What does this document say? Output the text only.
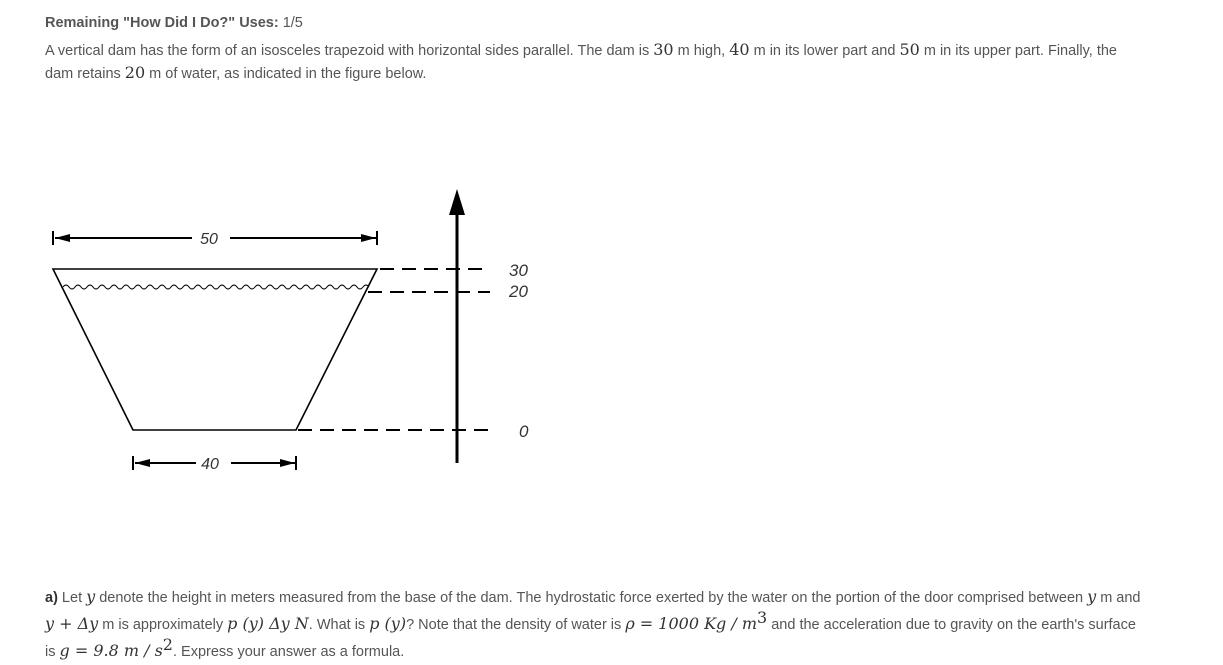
Remaining "How Did I Do?" Uses: 1/5
A vertical dam has the form of an isosceles trapezoid with horizontal sides parallel. The dam is 30 m high, 40 m in its lower part and 50 m in its upper part. Finally, the dam retains 20 m of water, as indicated in the figure below.
50
30
20
0
40
a) Let y denote the height in meters measured from the base of the dam. The hydrostatic force exerted by the water on the portion of the door comprised between y m and y + Δy m is approximately p (y) Δy N. What is p (y)? Note that the density of water is ρ = 1000 Kg / $m^3$ and the acceleration due to gravity on the earth's surface is g = 9.8 m / $s^2$. Express your answer as a formula.
